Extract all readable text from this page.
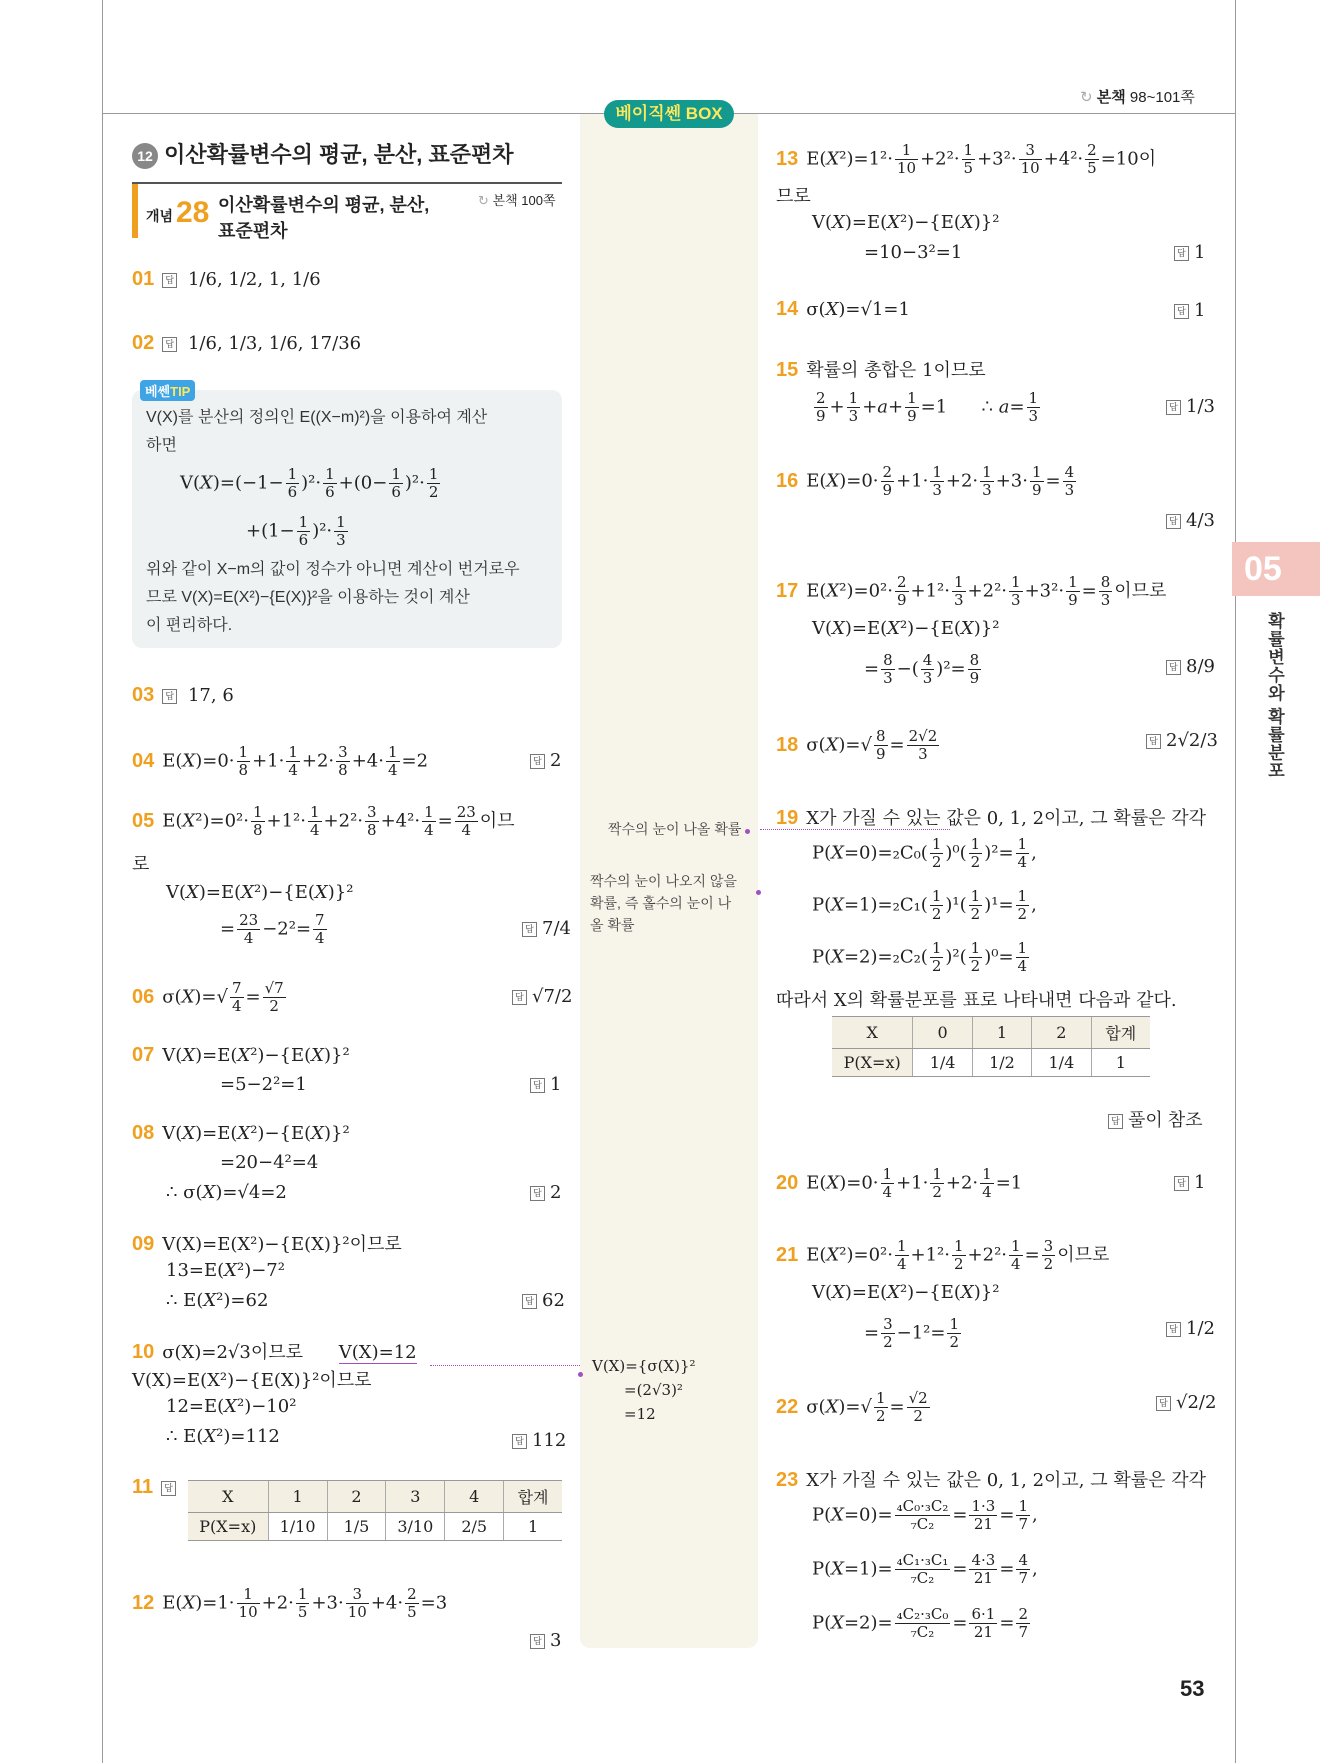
↻ 본책 98~101쪽
베이직쎈 BOX
12 이산확률변수의 평균, 분산, 표준편차
개념 28 이산확률변수의 평균, 분산,
표준편차
↻ 본책 100쪽
01 답 1/6, 1/2, 1, 1/6
02 답 1/6, 1/3, 1/6, 17/36
베쎈TIP
V(X)를 분산의 정의인 E((X−m)²)을 이용하여 계산
하면
$V(X)=(-1- \frac{1}{6} )^2\cdot \frac{1}{6} +(0- \frac{1}{6} )^2\cdot \frac{1}{2}$
$+(1- \frac{1}{6} )^2\cdot \frac{1}{3}$
위와 같이 X−m의 값이 정수가 아니면 계산이 번거로우
므로 V(X)=E(X²)−{E(X)}²을 이용하는 것이 계산
이 편리하다.
03 답 17, 6
04 $E(X)=0\cdot \frac{1}{8} +1\cdot \frac{1}{4} +2\cdot \frac{3}{8} +4\cdot \frac{1}{4} =2$	답 2
05 $E(X^2)=0^2\cdot \frac{1}{8} +1^2\cdot \frac{1}{4} +2^2\cdot \frac{3}{8} +4^2\cdot \frac{1}{4} = \frac{23}{4}$ 이므
로
V(X)=E(X²)−{E(X)}²
= $\frac{23}{4} -2^2= \frac{7}{4}$	답 7/4
06 $\sigma(X)=√ \frac{7}{4} = \frac{√7}{2}$	답 √7/2
07 V(X)=E(X²)−{E(X)}²
=5−2²=1	답 1
08 V(X)=E(X²)−{E(X)}²
=20−4²=4
∴ σ(X)=√4=2	답 2
09 V(X)=E(X²)−{E(X)}²이므로
13=E(X²)−7²
∴ E(X²)=62	답 62
10 σ(X)=2√3이므로 V(X)=12
V(X)=E(X²)−{E(X)}²이므로
12=E(X²)−10²
∴ E(X²)=112	답 112
11 답	X	1	2	3	4	합계
P(X=x)	1/10	1/5	3/10	2/5	1
12 $E(X)=1\cdot \frac{1}{10} +2\cdot \frac{1}{5} +3\cdot \frac{3}{10} +4\cdot \frac{2}{5} =3$
답 3
짝수의 눈이 나올 확률
짝수의 눈이 나오지 않을
확률, 즉 홀수의 눈이 나
올 확률
V(X)={σ(X)}²
=(2√3)²
=12
13 $E(X^2)=1^2\cdot \frac{1}{10} +2^2\cdot \frac{1}{5} +3^2\cdot \frac{3}{10} +4^2\cdot \frac{2}{5} =10$이
므로
V(X)=E(X²)−{E(X)}²
=10−3²=1	답 1
14 σ(X)=√1=1	답 1
15 확률의 총합은 1이므로
$\frac{2}{9} + \frac{1}{3} +a+ \frac{1}{9} =1$      ∴ $a= \frac{1}{3}$	답 1/3
16 $E(X)=0\cdot \frac{2}{9} +1\cdot \frac{1}{3} +2\cdot \frac{1}{3} +3\cdot \frac{1}{9} = \frac{4}{3}$
답 4/3
17 $E(X^2)=0^2\cdot \frac{2}{9} +1^2\cdot \frac{1}{3} +2^2\cdot \frac{1}{3} +3^2\cdot \frac{1}{9} = \frac{8}{3}$ 이므로
V(X)=E(X²)−{E(X)}²
= $\frac{8}{3}$ −( $\frac{4}{3} )^2= \frac{8}{9}$	답 8/9
18 $\sigma(X)=√ \frac{8}{9} = \frac{2√2}{3}$	답 2√2/3
19 X가 가질 수 있는 값은 0, 1, 2이고, 그 확률은 각각
$P(X=0)=_2C_0( \frac{1}{2} )^0( \frac{1}{2} )^2= \frac{1}{4}$ ,
$P(X=1)=_2C_1( \frac{1}{2} )^1( \frac{1}{2} )^1= \frac{1}{2}$ ,
$P(X=2)=_2C_2( \frac{1}{2} )^2( \frac{1}{2} )^0= \frac{1}{4}$
따라서 X의 확률분포를 표로 나타내면 다음과 같다.
X	0	1	2	합계
P(X=x)	1/4	1/2	1/4	1
답 풀이 참조
20 $E(X)=0\cdot \frac{1}{4} +1\cdot \frac{1}{2} +2\cdot \frac{1}{4} =1$	답 1
21 $E(X^2)=0^2\cdot \frac{1}{4} +1^2\cdot \frac{1}{2} +2^2\cdot \frac{1}{4} = \frac{3}{2}$ 이므로
V(X)=E(X²)−{E(X)}²
= $\frac{3}{2} -1^2= \frac{1}{2}$	답 1/2
22 $\sigma(X)=√ \frac{1}{2} = \frac{√2}{2}$	답 √2/2
23 X가 가질 수 있는 값은 0, 1, 2이고, 그 확률은 각각
$P(X=0)= \frac{\text{₄C₀·₃C₂}}{\text{₇C₂}} = \frac{1\cdot 3}{21} = \frac{1}{7}$ ,
$P(X=1)= \frac{\text{₄C₁·₃C₁}}{\text{₇C₂}} = \frac{4\cdot 3}{21} = \frac{4}{7}$ ,
$P(X=2)= \frac{\text{₄C₂·₃C₀}}{\text{₇C₂}} = \frac{6\cdot 1}{21} = \frac{2}{7}$
05
확률변수와 확률분포
53
